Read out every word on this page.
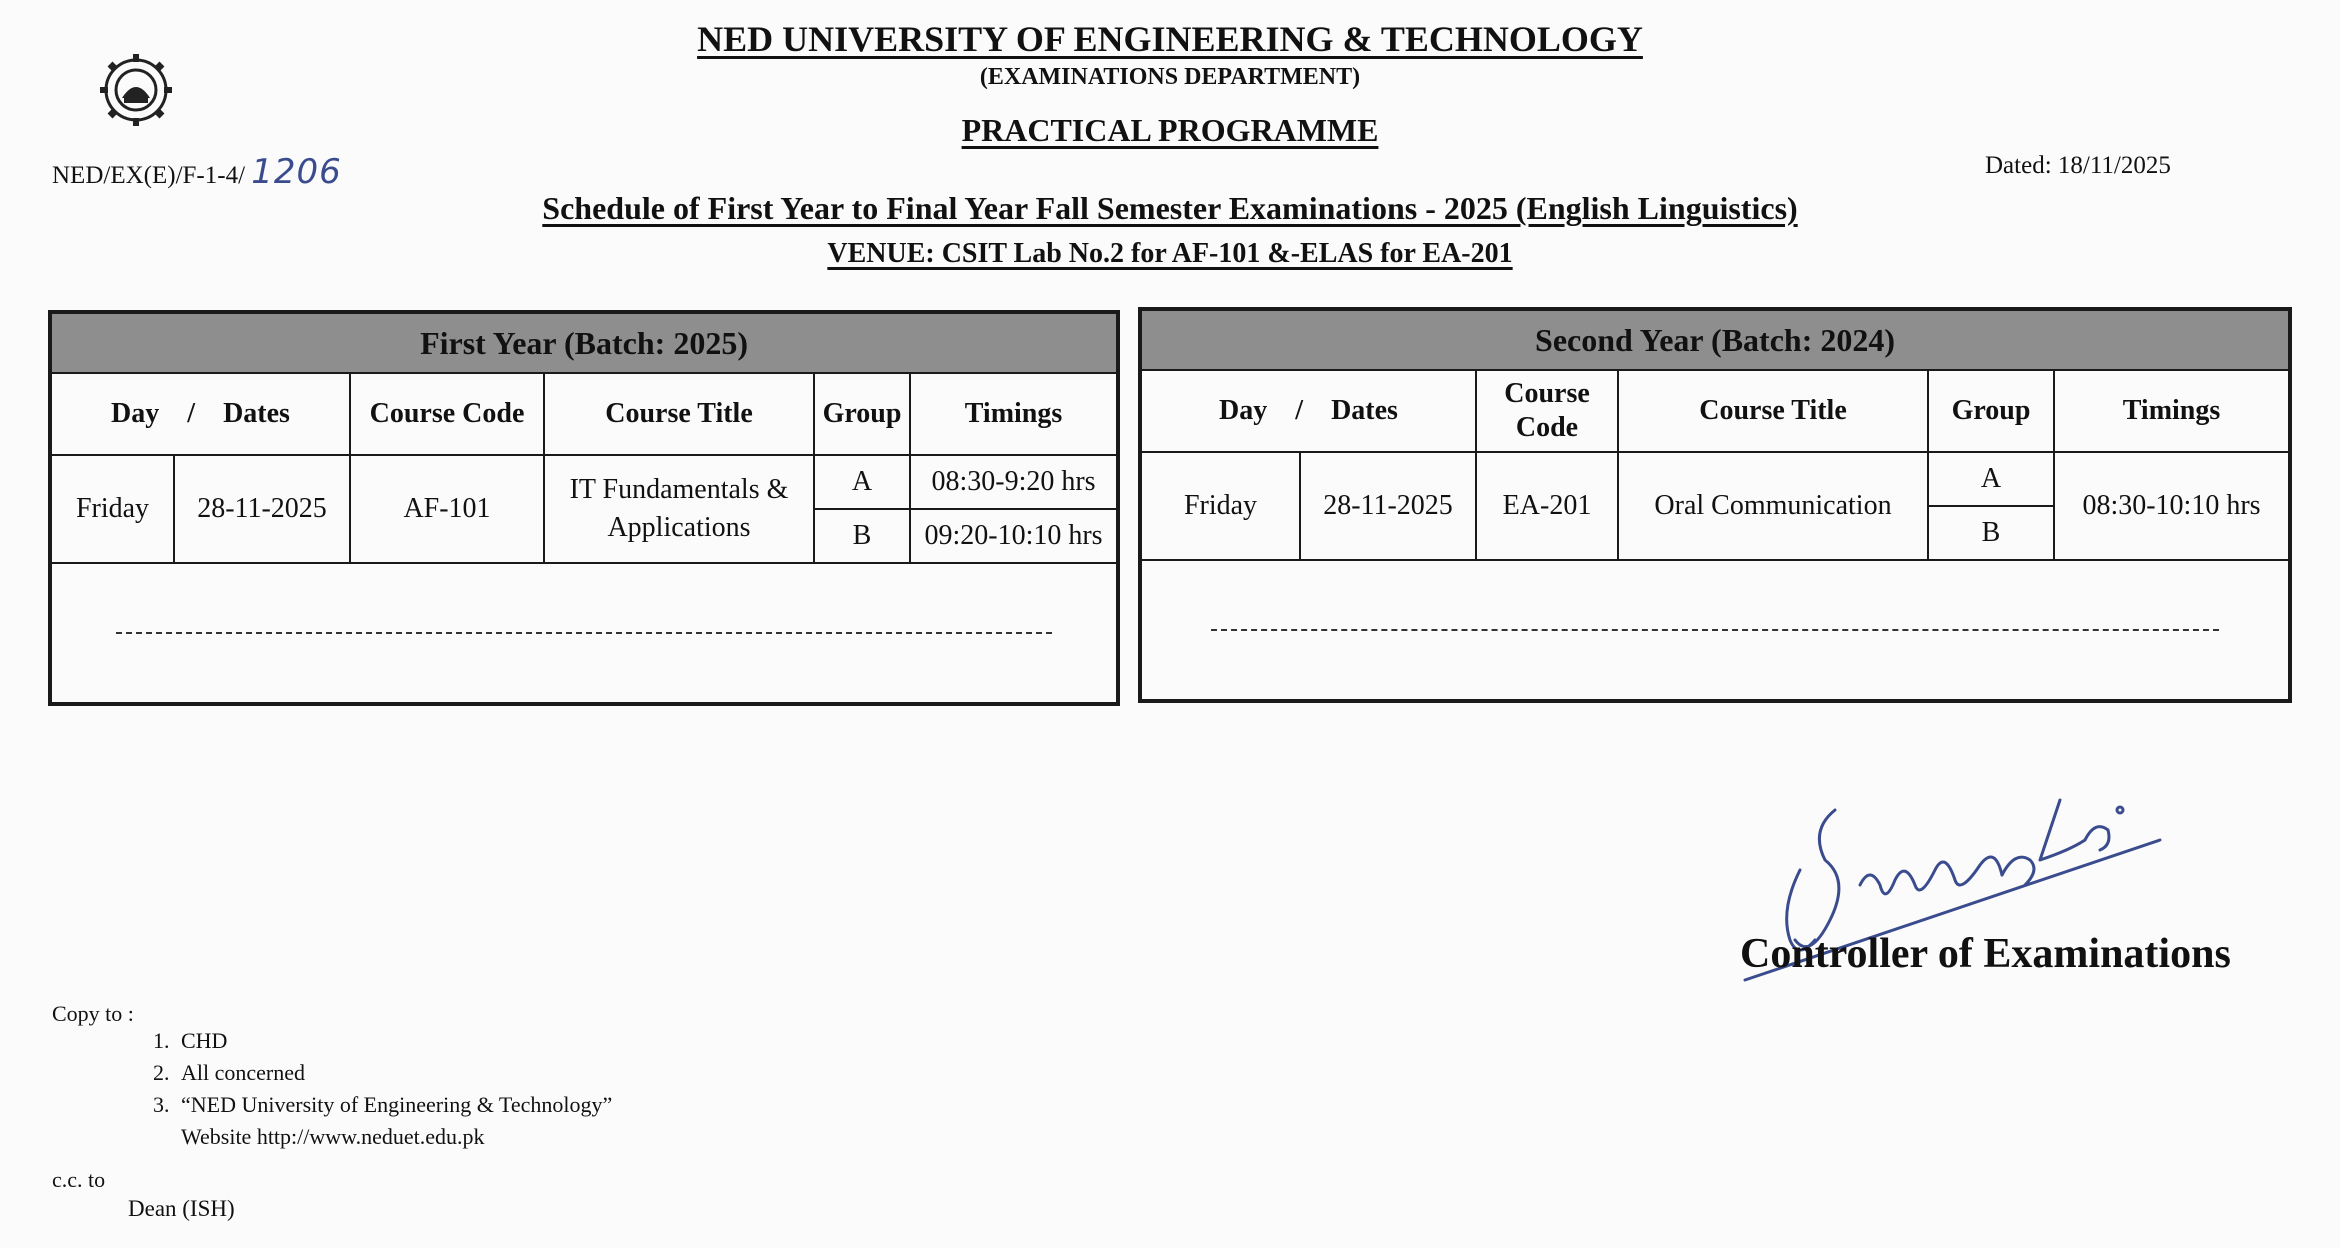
NED UNIVERSITY OF ENGINEERING & TECHNOLOGY
(EXAMINATIONS DEPARTMENT)
PRACTICAL PROGRAMME
NED/EX(E)/F-1-4/ 1206	Dated: 18/11/2025
Schedule of First Year to Final Year Fall Semester Examinations - 2025 (English Linguistics)
VENUE: CSIT Lab No.2 for AF-101 &-ELAS for EA-201
First Year (Batch: 2025)					
Day / Dates		Course Code	Course Title	Group	Timings
Friday	28-11-2025	AF-101	IT Fundamentals & Applications	A	08:30-9:20 hrs
				B	09:20-10:10 hrs

Second Year (Batch: 2024)					
Day / Dates		Course Code	Course Title	Group	Timings
Friday	28-11-2025	EA-201	Oral Communication	A	08:30-10:10 hrs
				B	

Controller of Examinations
Copy to :
1. CHD
2. All concerned
3. “NED University of Engineering & Technology”
Website http://www.neduet.edu.pk
c.c. to
Dean (ISH)
